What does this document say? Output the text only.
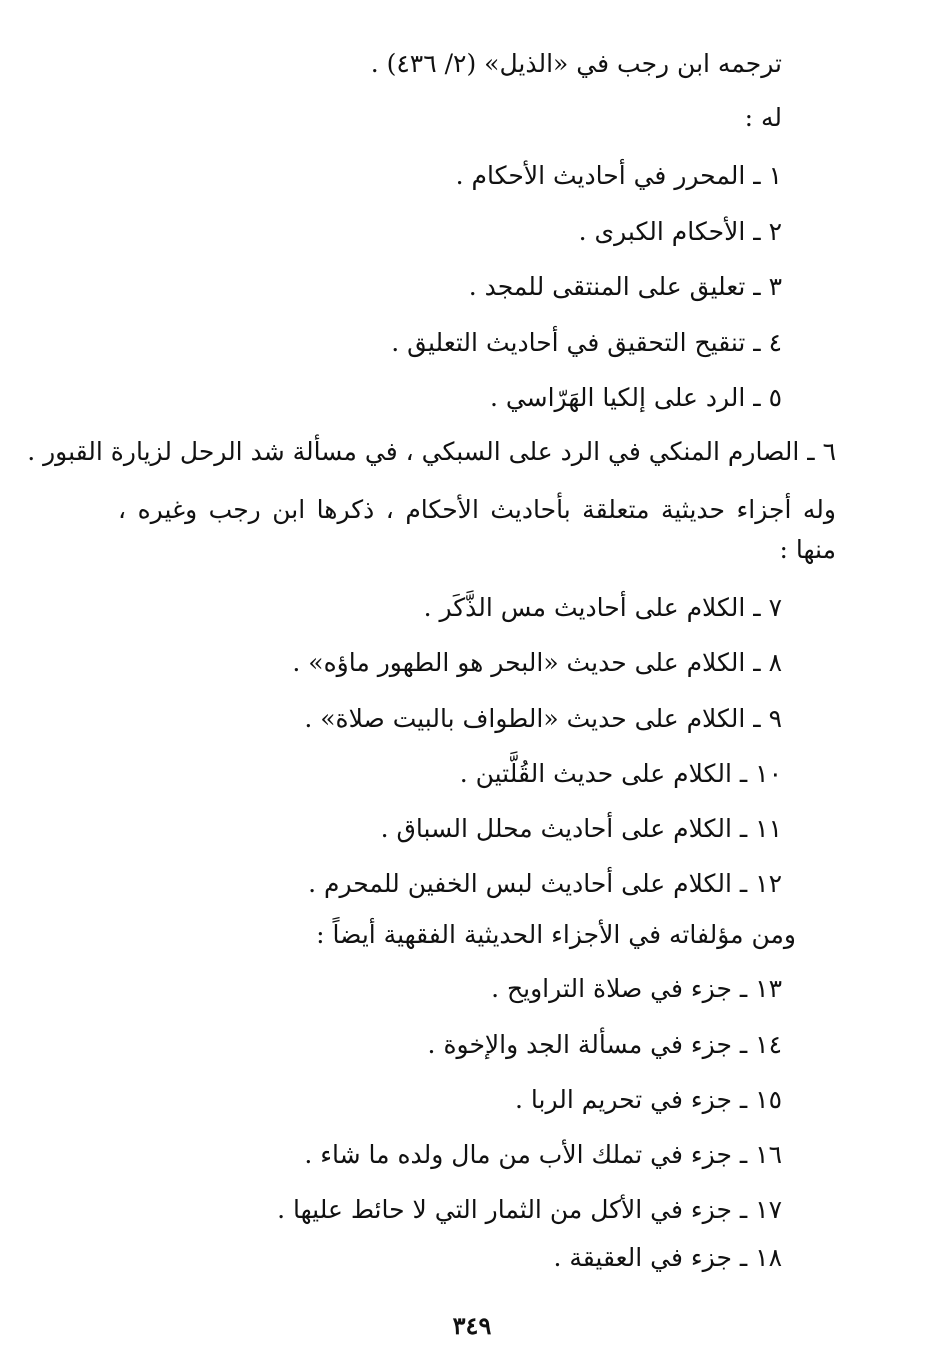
ترجمه ابن رجب في «الذيل» (٢/ ٤٣٦) .
له :
١ ـ المحرر في أحاديث الأحكام .
٢ ـ الأحكام الكبرى .
٣ ـ تعليق على المنتقى للمجد .
٤ ـ تنقيح التحقيق في أحاديث التعليق .
٥ ـ الرد على إلكيا الهَرّاسي .
٦ ـ الصارم المنكي في الرد على السبكي ، في مسألة شد الرحل لزيارة القبور .
وله أجزاء حديثية متعلقة بأحاديث الأحكام ، ذكرها ابن رجب وغيره ،
منها :
٧ ـ الكلام على أحاديث مس الذَّكَر .
٨ ـ الكلام على حديث «البحر هو الطهور ماؤه» .
٩ ـ الكلام على حديث «الطواف بالبيت صلاة» .
١٠ ـ الكلام على حديث القُلَّتين .
١١ ـ الكلام على أحاديث محلل السباق .
١٢ ـ الكلام على أحاديث لبس الخفين للمحرم .
ومن مؤلفاته في الأجزاء الحديثية الفقهية أيضاً :
١٣ ـ جزء في صلاة التراويح .
١٤ ـ جزء في مسألة الجد والإخوة .
١٥ ـ جزء في تحريم الربا .
١٦ ـ جزء في تملك الأب من مال ولده ما شاء .
١٧ ـ جزء في الأكل من الثمار التي لا حائط عليها .
١٨ ـ جزء في العقيقة .
٣٤٩
